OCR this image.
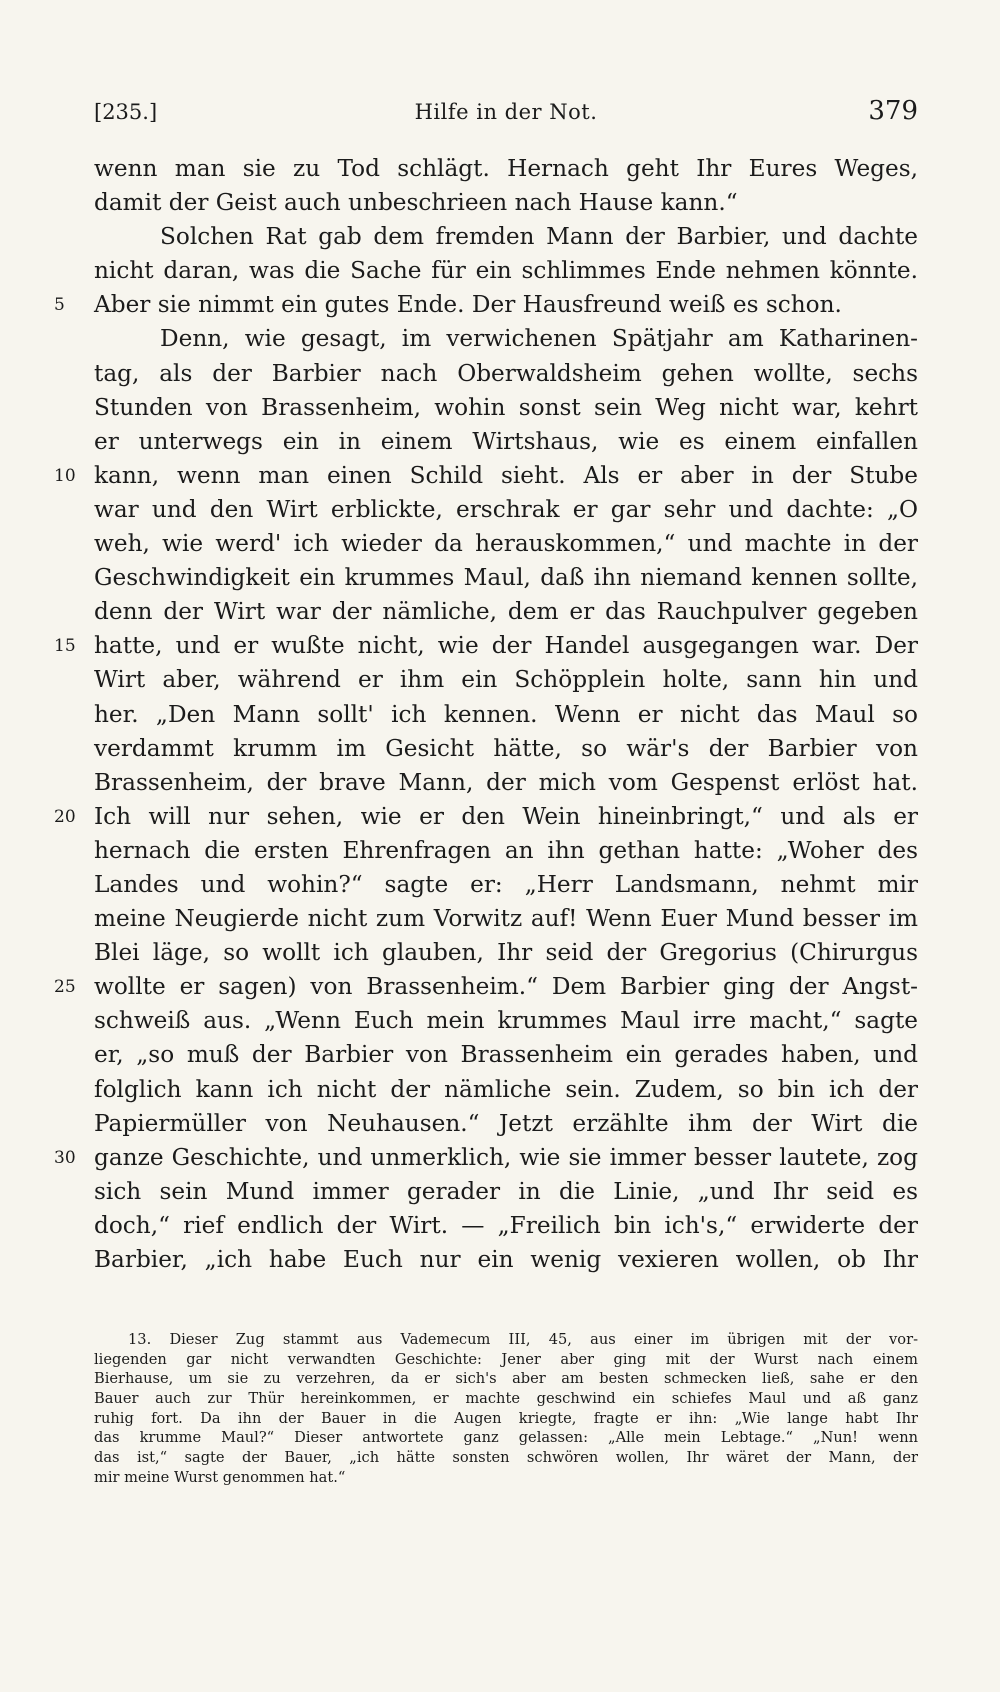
[235.]	Hilfe in der Not.	379
wenn man sie zu Tod schlägt. Hernach geht Ihr Eures Weges,
damit der Geist auch unbeschrieen nach Hause kann.“
Solchen Rat gab dem fremden Mann der Barbier, und dachte
nicht daran, was die Sache für ein schlimmes Ende nehmen könnte.
5	Aber sie nimmt ein gutes Ende. Der Hausfreund weiß es schon.
Denn, wie gesagt, im verwichenen Spätjahr am Katharinen-
tag, als der Barbier nach Oberwaldsheim gehen wollte, sechs
Stunden von Brassenheim, wohin sonst sein Weg nicht war, kehrt
er unterwegs ein in einem Wirtshaus, wie es einem einfallen
10 kann, wenn man einen Schild sieht. Als er aber in der Stube
war und den Wirt erblickte, erschrak er gar sehr und dachte: „O
weh, wie werd' ich wieder da herauskommen,“ und machte in der
Geschwindigkeit ein krummes Maul, daß ihn niemand kennen sollte,
denn der Wirt war der nämliche, dem er das Rauchpulver gegeben
15 hatte, und er wußte nicht, wie der Handel ausgegangen war. Der
Wirt aber, während er ihm ein Schöpplein holte, sann hin und
her. „Den Mann sollt' ich kennen. Wenn er nicht das Maul so
verdammt krumm im Gesicht hätte, so wär's der Barbier von
Brassenheim, der brave Mann, der mich vom Gespenst erlöst hat.
20 Ich will nur sehen, wie er den Wein hineinbringt,“ und als er
hernach die ersten Ehrenfragen an ihn gethan hatte: „Woher des
Landes und wohin?“ sagte er: „Herr Landsmann, nehmt mir
meine Neugierde nicht zum Vorwitz auf! Wenn Euer Mund besser im
Blei läge, so wollt ich glauben, Ihr seid der Gregorius (Chirurgus
25 wollte er sagen) von Brassenheim.“ Dem Barbier ging der Angst-
schweiß aus. „Wenn Euch mein krummes Maul irre macht,“ sagte
er, „so muß der Barbier von Brassenheim ein gerades haben, und
folglich kann ich nicht der nämliche sein. Zudem, so bin ich der
Papiermüller von Neuhausen.“ Jetzt erzählte ihm der Wirt die
30 ganze Geschichte, und unmerklich, wie sie immer besser lautete, zog
sich sein Mund immer gerader in die Linie, „und Ihr seid es
doch,“ rief endlich der Wirt. — „Freilich bin ich's,“ erwiderte der
Barbier, „ich habe Euch nur ein wenig vexieren wollen, ob Ihr
13. Dieser Zug stammt aus Vademecum III, 45, aus einer im übrigen mit der vor-
liegenden gar nicht verwandten Geschichte: Jener aber ging mit der Wurst nach einem
Bierhause, um sie zu verzehren, da er sich's aber am besten schmecken ließ, sahe er den
Bauer auch zur Thür hereinkommen, er machte geschwind ein schiefes Maul und aß ganz
ruhig fort. Da ihn der Bauer in die Augen kriegte, fragte er ihn: „Wie lange habt Ihr
das krumme Maul?“ Dieser antwortete ganz gelassen: „Alle mein Lebtage.“ „Nun! wenn
das ist,“ sagte der Bauer, „ich hätte sonsten schwören wollen, Ihr wäret der Mann, der
mir meine Wurst genommen hat.“
